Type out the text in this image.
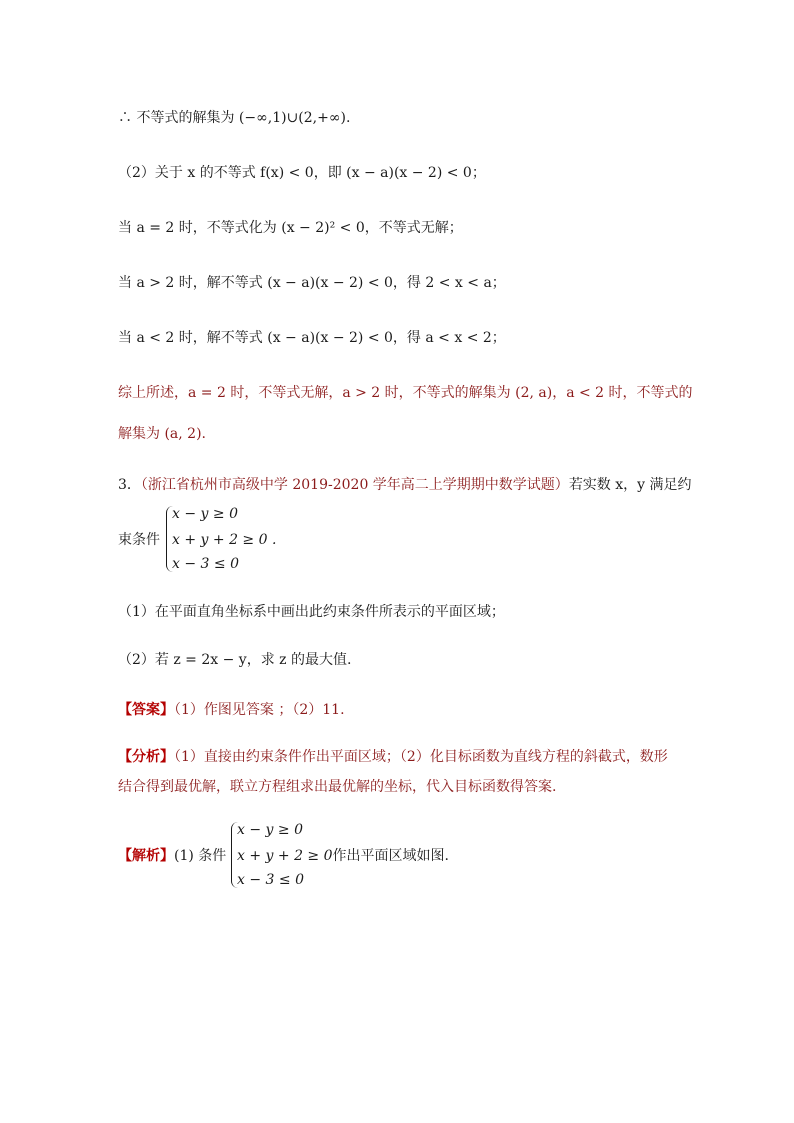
∴ 不等式的解集为 (−∞,1)∪(2,+∞).
（2）关于 x 的不等式 f(x) < 0，即 (x − a)(x − 2) < 0；
当 a = 2 时，不等式化为 (x − 2)² < 0，不等式无解；
当 a > 2 时，解不等式 (x − a)(x − 2) < 0，得 2 < x < a；
当 a < 2 时，解不等式 (x − a)(x − 2) < 0，得 a < x < 2；
综上所述，a = 2 时，不等式无解，a > 2 时，不等式的解集为 (2, a)，a < 2 时，不等式的
解集为 (a, 2).
3．（浙江省杭州市高级中学 2019-2020 学年高二上学期期中数学试题）若实数 x，y 满足约
束条件
x − y ≥ 0
x + y + 2 ≥ 0 .
x − 3 ≤ 0
（1）在平面直角坐标系中画出此约束条件所表示的平面区域；
（2）若 z = 2x − y，求 z 的最大值.
【答案】（1）作图见答案 ；（2）11.
【分析】（1）直接由约束条件作出平面区域；（2）化目标函数为直线方程的斜截式，数形
结合得到最优解，联立方程组求出最优解的坐标，代入目标函数得答案.
【解析】(1) 条件
x − y ≥ 0
x + y + 2 ≥ 0作出平面区域如图.
x − 3 ≤ 0
